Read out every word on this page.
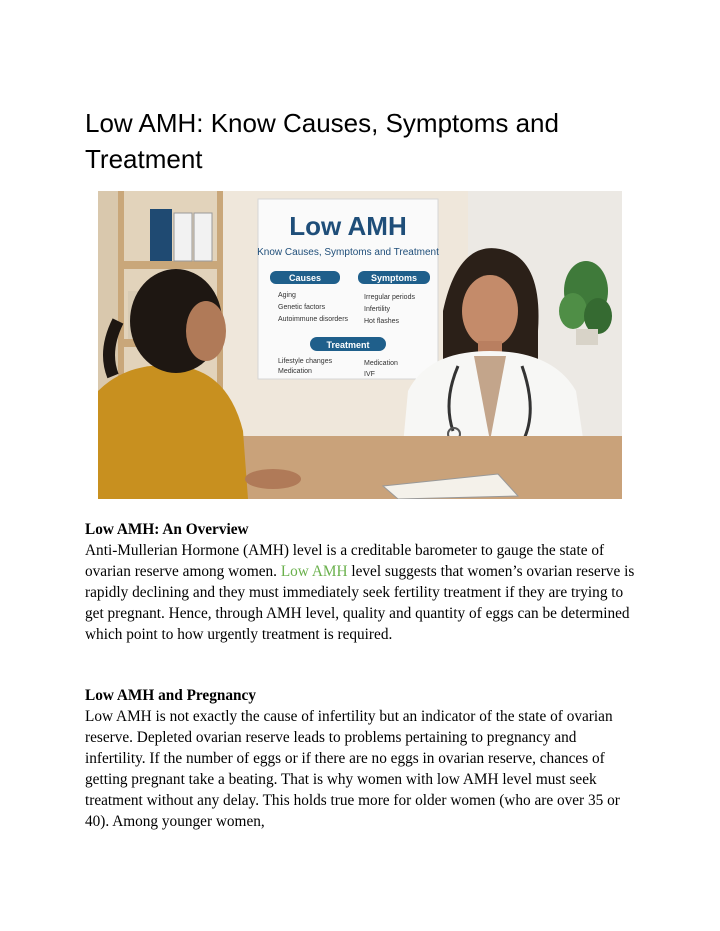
Low AMH: Know Causes, Symptoms and Treatment
Low AMH
Know Causes, Symptoms and Treatment
Causes
Aging
Genetic factors
Autoimmune disorders
Symptoms
Irregular periods
Infertility
Hot flashes
Treatment
Lifestyle changes
Medication
Medication
IVF
Low AMH: An Overview

Anti-Mullerian Hormone (AMH) level is a creditable barometer to gauge the state of ovarian reserve among women. Low AMH level suggests that women’s ovarian reserve is rapidly declining and they must immediately seek fertility treatment if they are trying to get pregnant. Hence, through AMH level, quality and quantity of eggs can be determined which point to how urgently treatment is required.

Low AMH and Pregnancy

Low AMH is not exactly the cause of infertility but an indicator of the state of ovarian reserve. Depleted ovarian reserve leads to problems pertaining to pregnancy and infertility. If the number of eggs or if there are no eggs in ovarian reserve, chances of getting pregnant take a beating. That is why women with low AMH level must seek treatment without any delay. This holds true more for older women (who are over 35 or 40). Among younger women,
